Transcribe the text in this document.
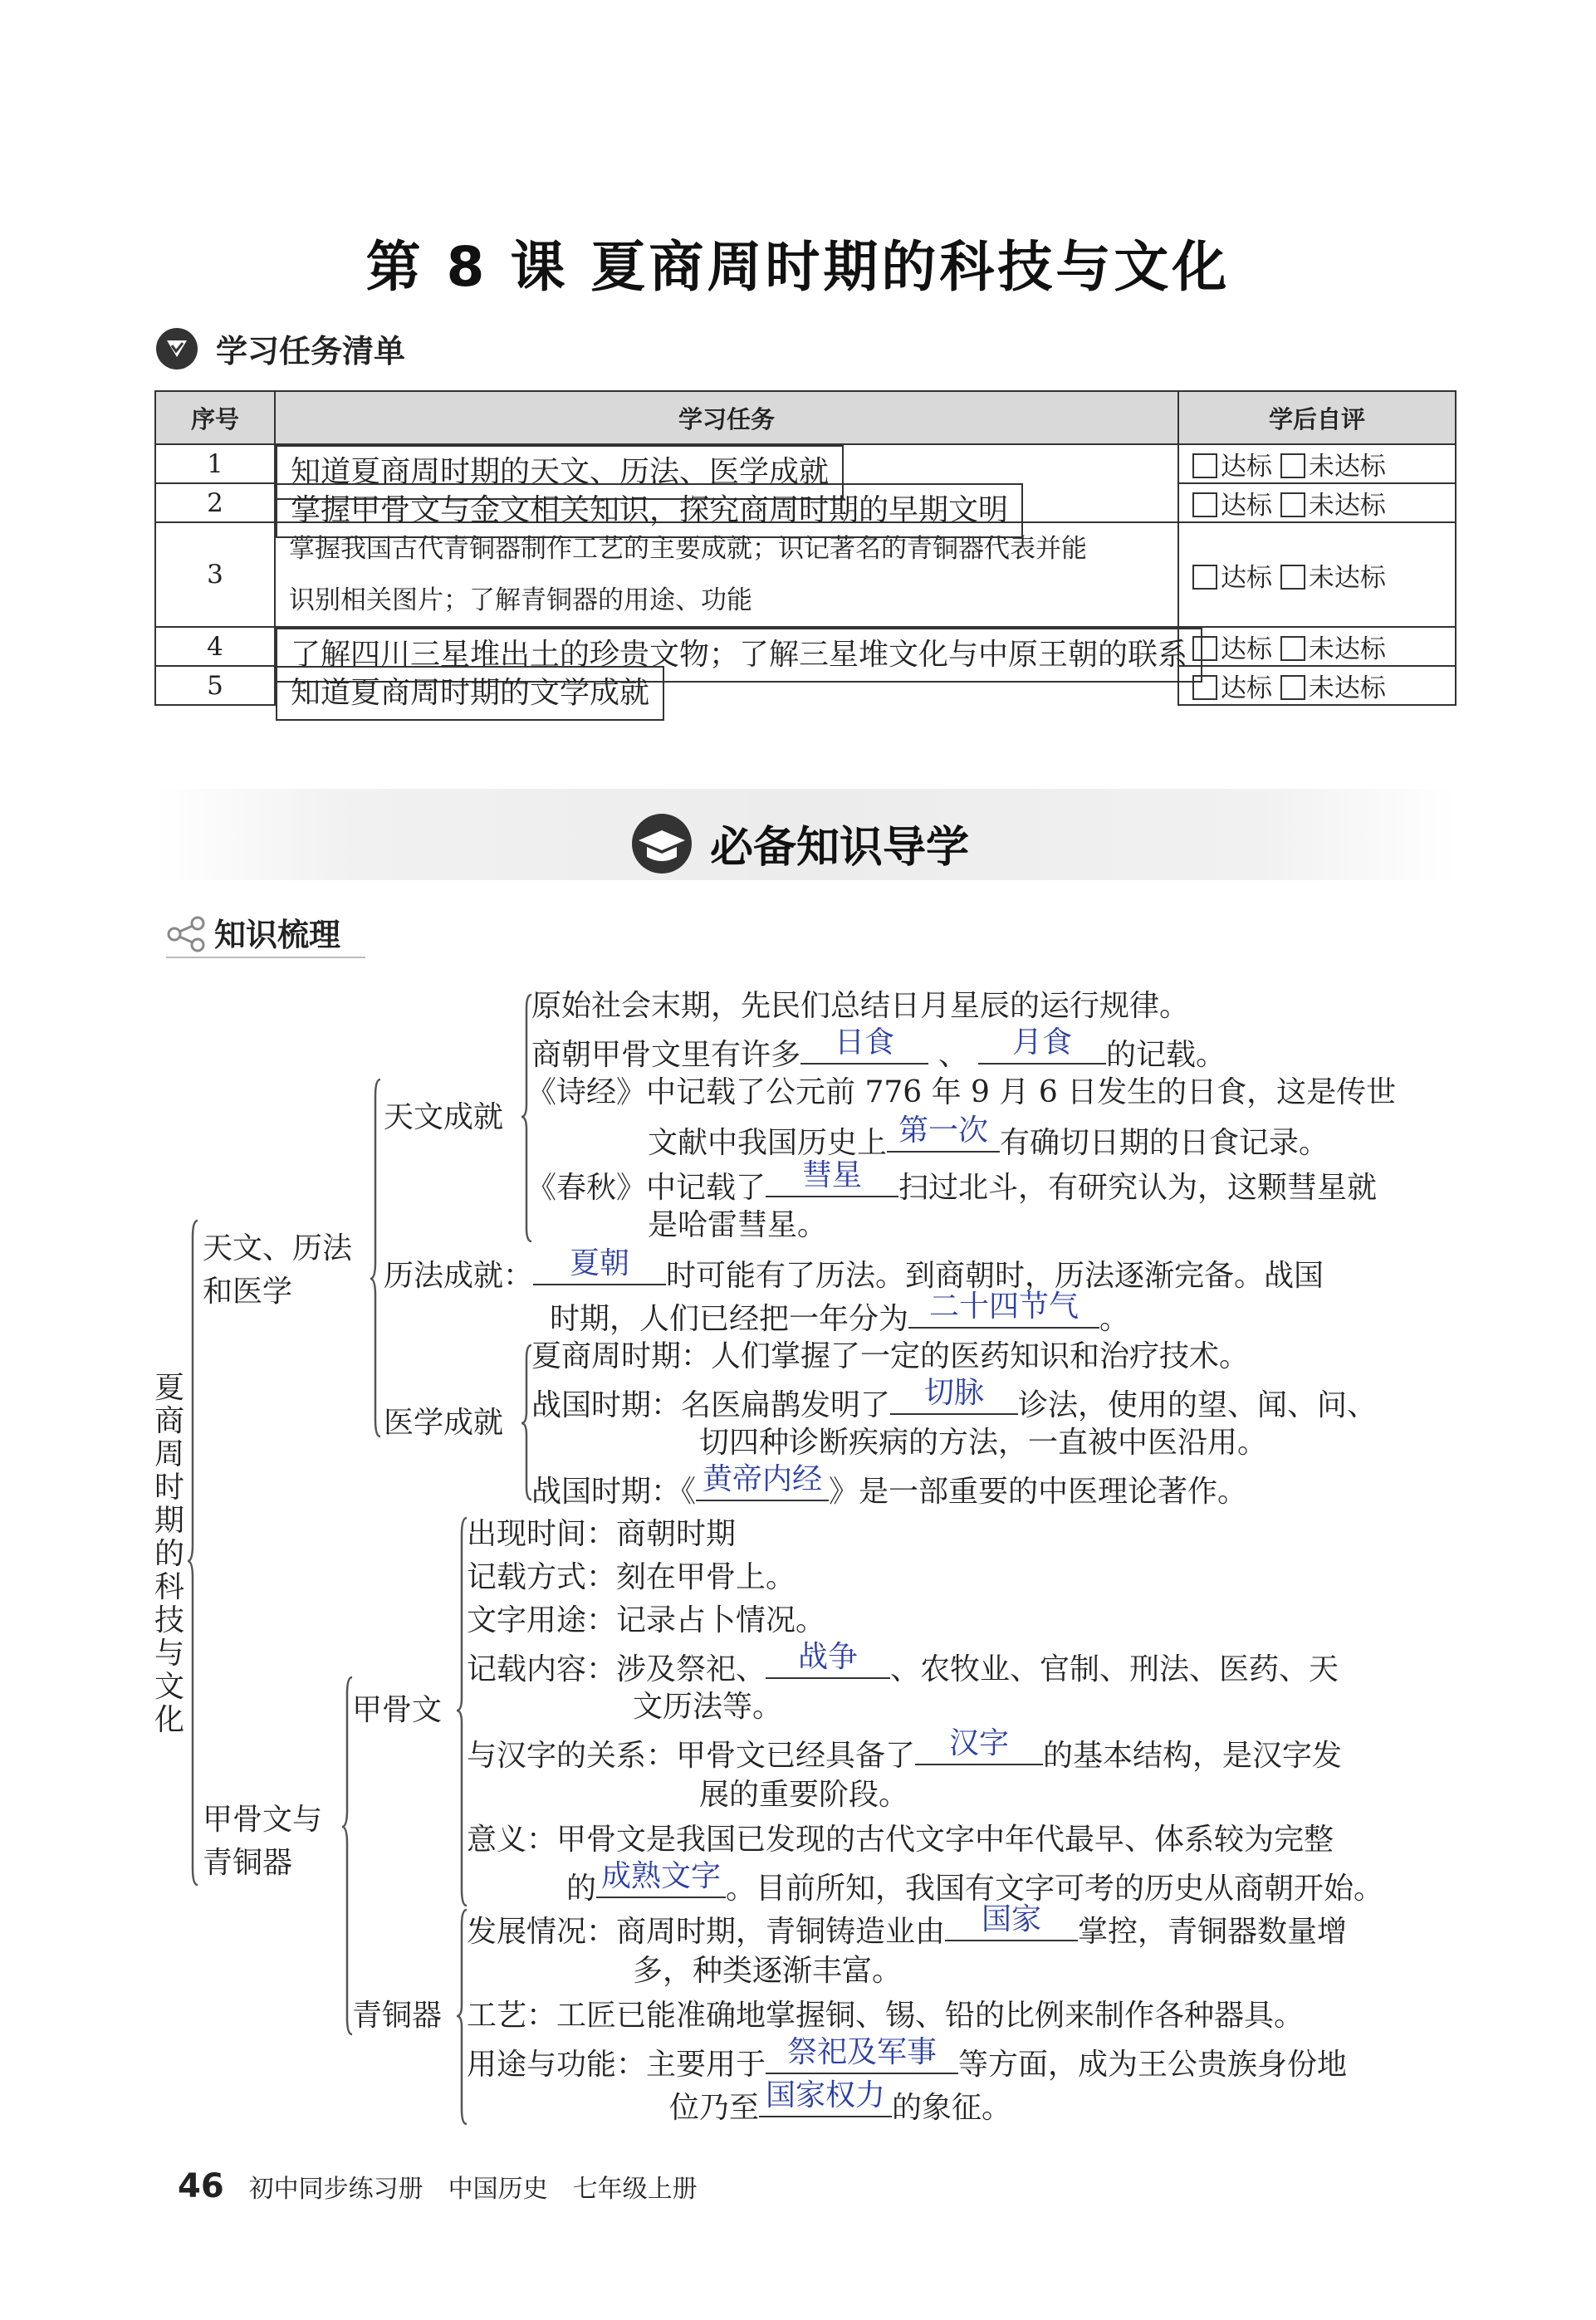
第 8 课 夏商周时期的科技与文化
学习任务清单
序号	学习任务	学后自评
1		知道夏商周时期的天文、历法、医学成就	达标 未达标
2		掌握甲骨文与金文相关知识，探究商周时期的早期文明	达标 未达标
3	掌握我国古代青铜器制作工艺的主要成就；识记著名的青铜器代表并能
识别相关图片；了解青铜器的用途、功能	达标 未达标
4		了解四川三星堆出土的珍贵文物；了解三星堆文化与中原王朝的联系	达标 未达标
5		知道夏商周时期的文学成就	达标 未达标
必备知识导学
知识梳理
夏商周时期的科技与文化
天文、历法
和医学
天文成就
原始社会末期，先民们总结日月星辰的运行规律。
商朝甲骨文里有许多	日食	、	月食	的记载。
《诗经》中记载了公元前 776 年 9 月 6 日发生的日食，这是传世
文献中我国历史上 第一次 有确切日期的日食记录。
《春秋》中记载了	彗星	扫过北斗，有研究认为，这颗彗星就
是哈雷彗星。
历法成就：	夏朝	时可能有了历法。到商朝时，历法逐渐完备。战国
时期，人们已经把一年分为 二十四节气 。
医学成就
夏商周时期：人们掌握了一定的医药知识和治疗技术。
战国时期：名医扁鹊发明了	切脉	诊法，使用的望、闻、问、
切四种诊断疾病的方法，一直被中医沿用。
战国时期：《 黄帝内经 》是一部重要的中医理论著作。
甲骨文与
青铜器
甲骨文
出现时间：商朝时期
记载方式：刻在甲骨上。
文字用途：记录占卜情况。
记载内容：涉及祭祀、	战争	、农牧业、官制、刑法、医药、天
文历法等。
与汉字的关系：甲骨文已经具备了	汉字	的基本结构，是汉字发
展的重要阶段。
意义：甲骨文是我国已发现的古代文字中年代最早、体系较为完整
的 成熟文字 。目前所知，我国有文字可考的历史从商朝开始。
青铜器
发展情况：商周时期，青铜铸造业由	国家	掌控，青铜器数量增
多，种类逐渐丰富。
工艺：工匠已能准确地掌握铜、锡、铅的比例来制作各种器具。
用途与功能：主要用于 祭祀及军事 等方面，成为王公贵族身份地
位乃至 国家权力 的象征。
46 初中同步练习册　中国历史　七年级上册
